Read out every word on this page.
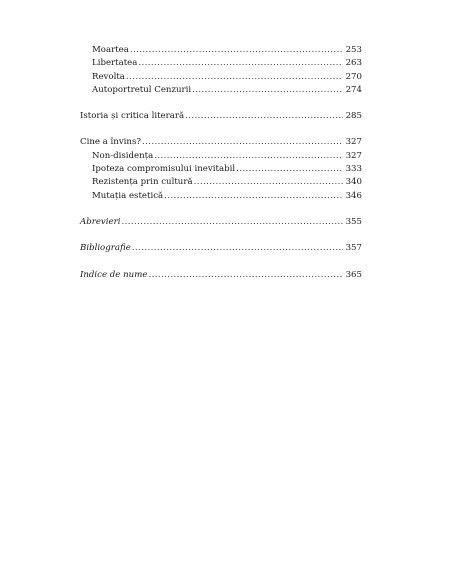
Moartea .....	253
Libertatea .....	263
Revolta .....	270
Autoportretul Cenzurii .....	274
Istoria și critica literară .....	285
Cine a învins? .....	327
Non-disidența .....	327
Ipoteza compromisului inevitabil .....	333
Rezistența prin cultură .....	340
Mutația estetică .....	346
Abrevieri .....	355
Bibliografie .....	357
Indice de nume .....	365
